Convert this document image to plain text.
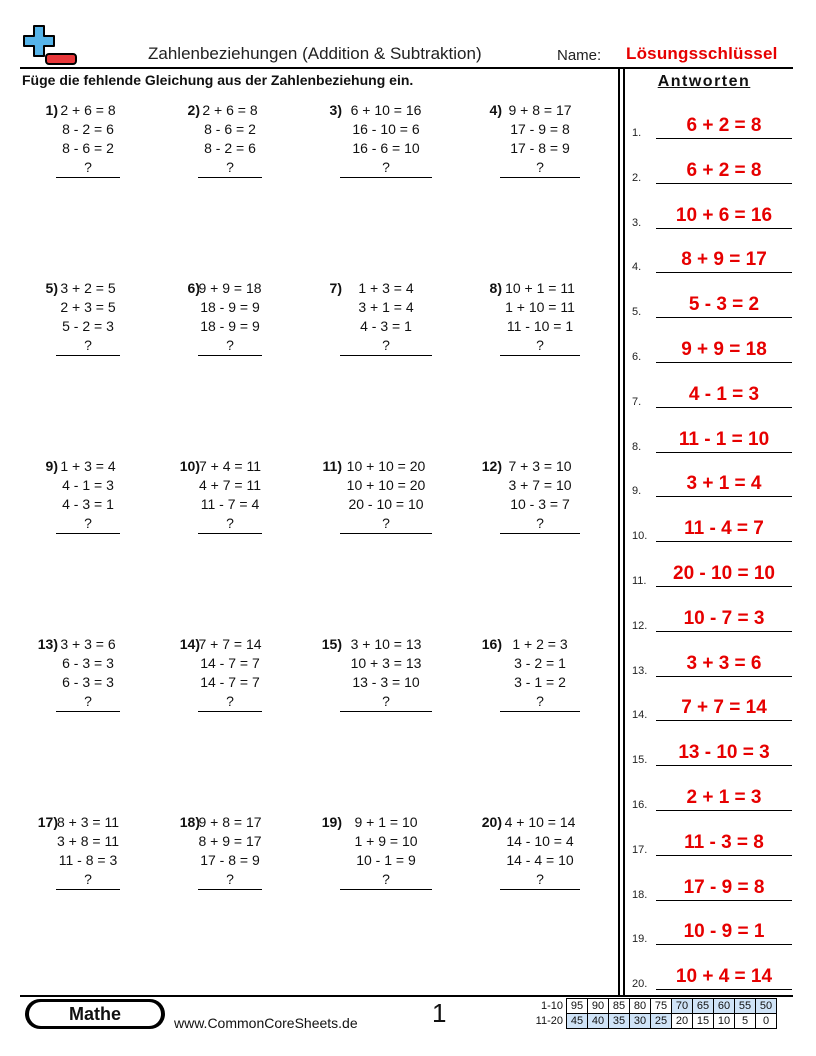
Zahlenbeziehungen (Addition & Subtraktion)	Name: Lösungsschlüssel
Füge die fehlende Gleichung aus der Zahlenbeziehung ein.	Antworten
1) 2 + 6 = 8
8 - 2 = 6
8 - 6 = 2
?
2) 2 + 6 = 8
8 - 6 = 2
8 - 2 = 6
?
3) 6 + 10 = 16
16 - 10 = 6
16 - 6 = 10
?
4) 9 + 8 = 17
17 - 9 = 8
17 - 8 = 9
?
5) 3 + 2 = 5
2 + 3 = 5
5 - 2 = 3
?
6)
9 + 9 = 18
18 - 9 = 9
18 - 9 = 9
?
7)	1 + 3 = 4
3 + 1 = 4
4 - 3 = 1
?
8) 10 + 1 = 11
1 + 10 = 11
11 - 10 = 1
?
9) 1 + 3 = 4
4 - 1 = 3
4 - 3 = 1
?
10)
7 + 4 = 11
4 + 7 = 11
11 - 7 = 4
?
11) 10 + 10 = 20
10 + 10 = 20
20 - 10 = 10
?
12) 7 + 3 = 10
3 + 7 = 10
10 - 3 = 7
?
13) 3 + 3 = 6
6 - 3 = 3
6 - 3 = 3
?
14)
7 + 7 = 14
14 - 7 = 7
14 - 7 = 7
?
15) 3 + 10 = 13
10 + 3 = 13
13 - 3 = 10
?
16) 1 + 2 = 3
3 - 2 = 1
3 - 1 = 2
?
17)
8 + 3 = 11
3 + 8 = 11
11 - 8 = 3
?
18)
9 + 8 = 17
8 + 9 = 17
17 - 8 = 9
?
19) 9 + 1 = 10
1 + 9 = 10
10 - 1 = 9
?
20) 4 + 10 = 14
14 - 10 = 4
14 - 4 = 10
?
1.	6 + 2 = 8
2.	6 + 2 = 8
3.	10 + 6 = 16
4.	8 + 9 = 17
5.	5 - 3 = 2
6.	9 + 9 = 18
7.	4 - 1 = 3
8.	11 - 1 = 10
9.	3 + 1 = 4
10.	11 - 4 = 7
11.	20 - 10 = 10
12.	10 - 7 = 3
13.	3 + 3 = 6
14.	7 + 7 = 14
15.	13 - 10 = 3
16.	2 + 1 = 3
17.	11 - 3 = 8
18.	17 - 9 = 8
19.	10 - 9 = 1
20.	10 + 4 = 14
Mathe	www.CommonCoreSheets.de	1	1-10	95	90	85	80	75	70	65	60	55	50
11-20	45	40	35	30	25	20	15	10	5	0
